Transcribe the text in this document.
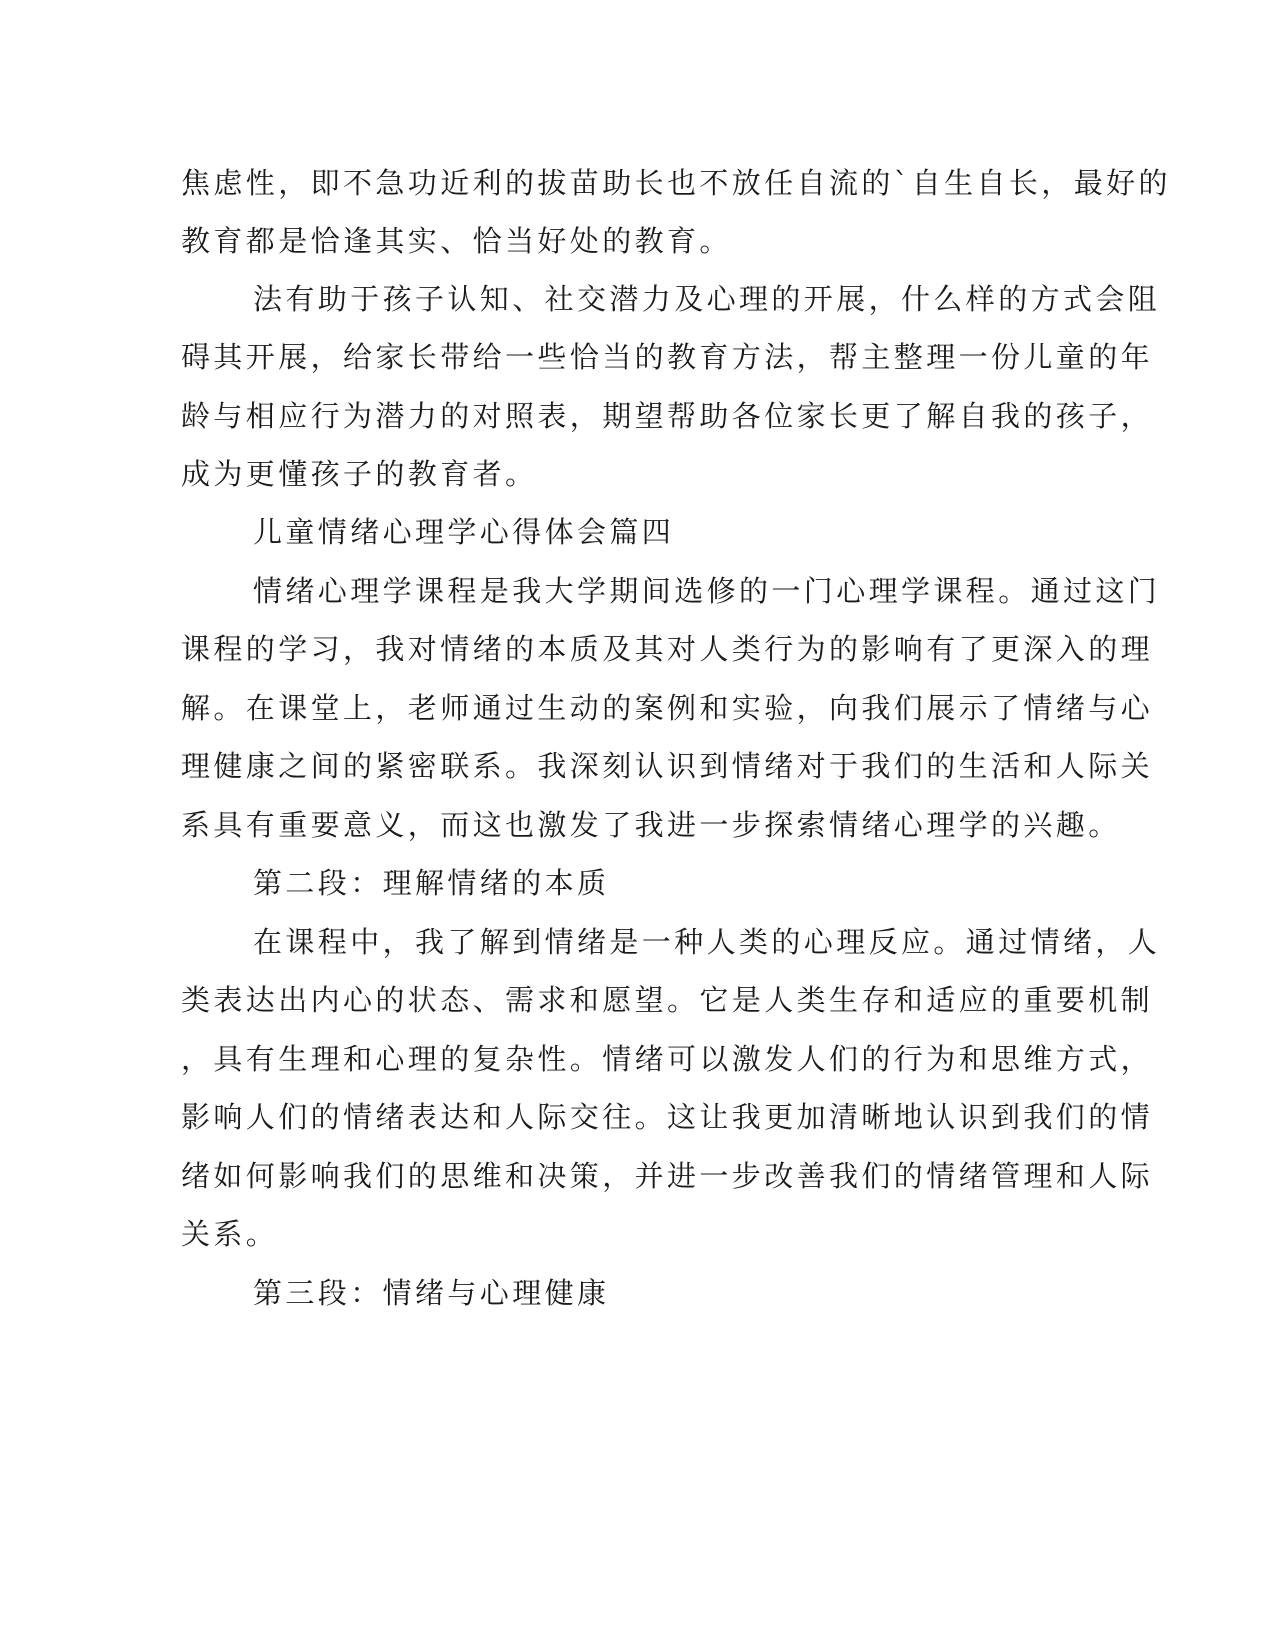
焦虑性，即不急功近利的拔苗助长也不放任自流的`自生自长，最好的

教育都是恰逢其实、恰当好处的教育。

法有助于孩子认知、社交潜力及心理的开展，什么样的方式会阻

碍其开展，给家长带给一些恰当的教育方法，帮主整理一份儿童的年

龄与相应行为潜力的对照表，期望帮助各位家长更了解自我的孩子，

成为更懂孩子的教育者。

儿童情绪心理学心得体会篇四

情绪心理学课程是我大学期间选修的一门心理学课程。通过这门

课程的学习，我对情绪的本质及其对人类行为的影响有了更深入的理

解。在课堂上，老师通过生动的案例和实验，向我们展示了情绪与心

理健康之间的紧密联系。我深刻认识到情绪对于我们的生活和人际关

系具有重要意义，而这也激发了我进一步探索情绪心理学的兴趣。

第二段：理解情绪的本质

在课程中，我了解到情绪是一种人类的心理反应。通过情绪，人

类表达出内心的状态、需求和愿望。它是人类生存和适应的重要机制

，具有生理和心理的复杂性。情绪可以激发人们的行为和思维方式，

影响人们的情绪表达和人际交往。这让我更加清晰地认识到我们的情

绪如何影响我们的思维和决策，并进一步改善我们的情绪管理和人际

关系。

第三段：情绪与心理健康
